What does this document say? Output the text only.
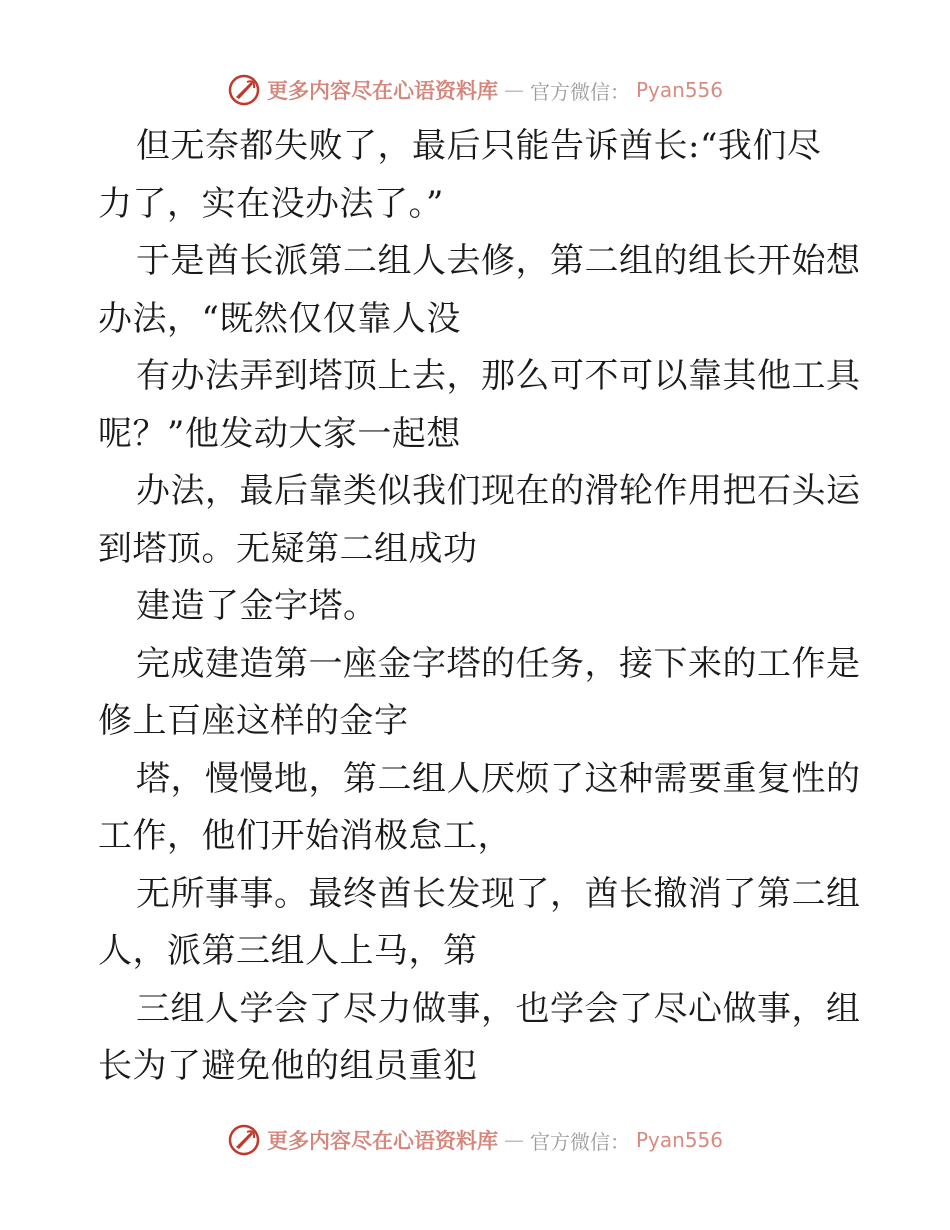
更多内容尽在心语资料库 — 官方微信： Pyan556
但无奈都失败了，最后只能告诉酋长:“我们尽
力了，实在没办法了。”
于是酋长派第二组人去修，第二组的组长开始想
办法，“既然仅仅靠人没
有办法弄到塔顶上去，那么可不可以靠其他工具
呢？”他发动大家一起想
办法，最后靠类似我们现在的滑轮作用把石头运
到塔顶。无疑第二组成功
建造了金字塔。
完成建造第一座金字塔的任务，接下来的工作是
修上百座这样的金字
塔，慢慢地，第二组人厌烦了这种需要重复性的
工作，他们开始消极怠工，
无所事事。最终酋长发现了，酋长撤消了第二组
人，派第三组人上马，第
三组人学会了尽力做事，也学会了尽心做事，组
长为了避免他的组员重犯
更多内容尽在心语资料库 — 官方微信： Pyan556
